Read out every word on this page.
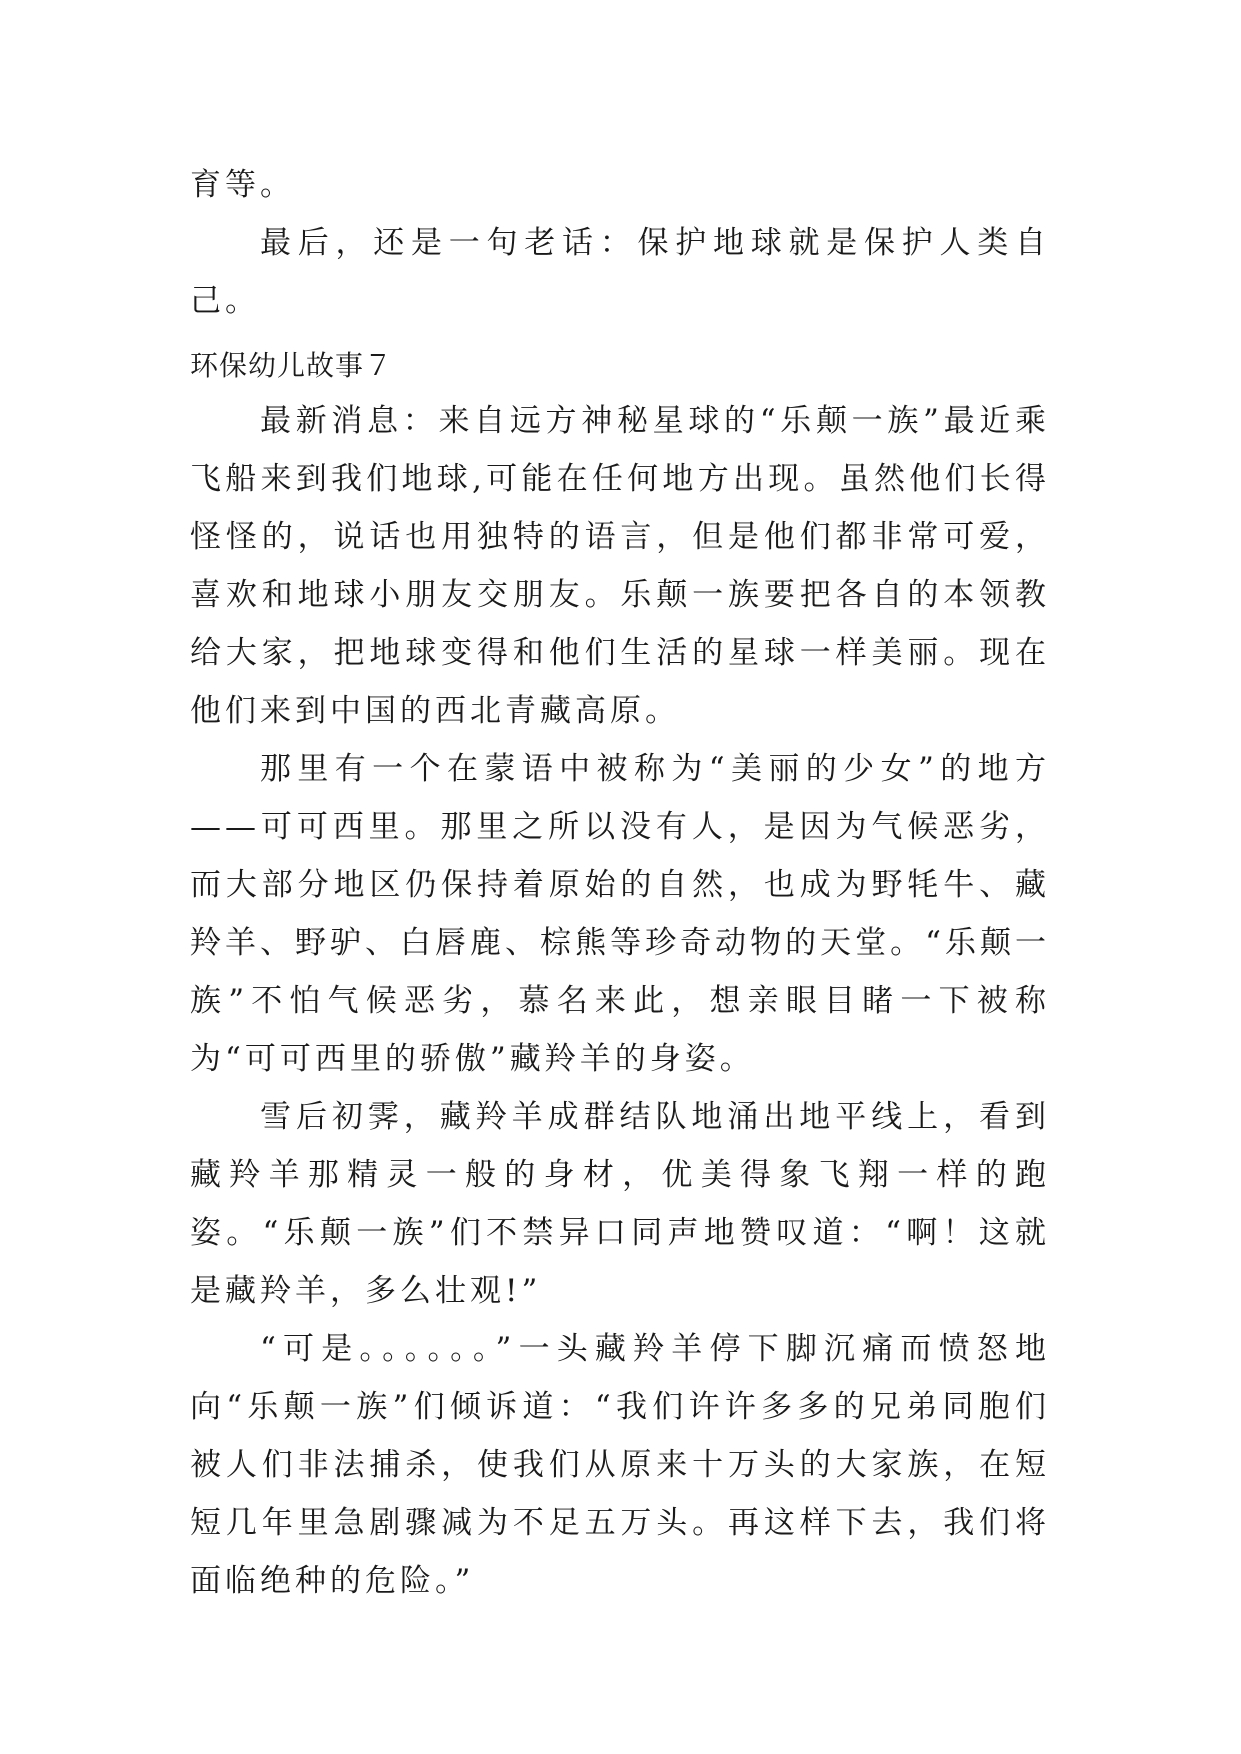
育等。

最后，还是一句老话：保护地球就是保护人类自己。

环保幼儿故事７

最新消息：来自远方神秘星球的“乐颠一族”最近乘飞船来到我们地球,可能在任何地方出现。虽然他们长得怪怪的，说话也用独特的语言，但是他们都非常可爱，喜欢和地球小朋友交朋友。乐颠一族要把各自的本领教给大家，把地球变得和他们生活的星球一样美丽。现在他们来到中国的西北青藏高原。

那里有一个在蒙语中被称为“美丽的少女”的地方——可可西里。那里之所以没有人，是因为气候恶劣，而大部分地区仍保持着原始的自然，也成为野牦牛、藏羚羊、野驴、白唇鹿、棕熊等珍奇动物的天堂。“乐颠一族”不怕气候恶劣，慕名来此，想亲眼目睹一下被称为“可可西里的骄傲”藏羚羊的身姿。

雪后初霁，藏羚羊成群结队地涌出地平线上，看到藏羚羊那精灵一般的身材，优美得象飞翔一样的跑姿。“乐颠一族”们不禁异口同声地赞叹道：“啊！这就是藏羚羊，多么壮观!”

“可是。。。。。。”一头藏羚羊停下脚沉痛而愤怒地向“乐颠一族”们倾诉道：“我们许许多多的兄弟同胞们被人们非法捕杀，使我们从原来十万头的大家族，在短短几年里急剧骤减为不足五万头。再这样下去，我们将面临绝种的危险。”
